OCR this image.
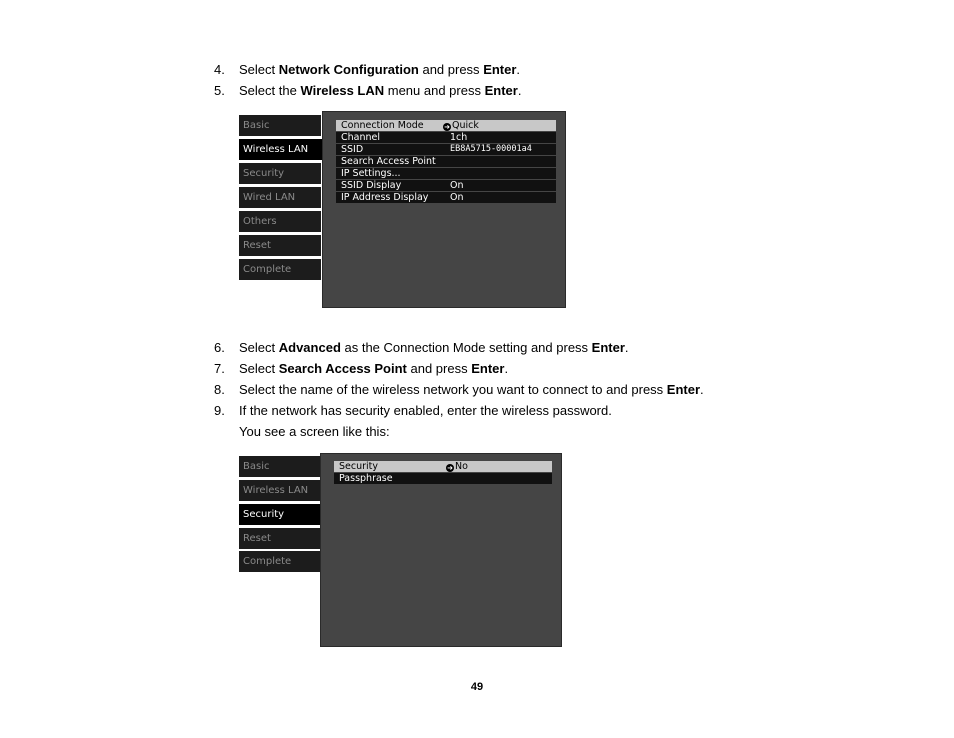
4. Select Network Configuration and press Enter.
5. Select the Wireless LAN menu and press Enter.
Basic
Wireless LAN
Security
Wired LAN
Others
Reset
Complete
Connection Mode	➜ Quick
Channel	1ch
SSID	EB8A5715-00001a4
Search Access Point
IP Settings...
SSID Display	On
IP Address Display On
6. Select Advanced as the Connection Mode setting and press Enter.
7. Select Search Access Point and press Enter.
8. Select the name of the wireless network you want to connect to and press Enter.
9. If the network has security enabled, enter the wireless password.
You see a screen like this:
Basic
Wireless LAN
Security
Reset
Complete
Security	➜ No
Passphrase
49
